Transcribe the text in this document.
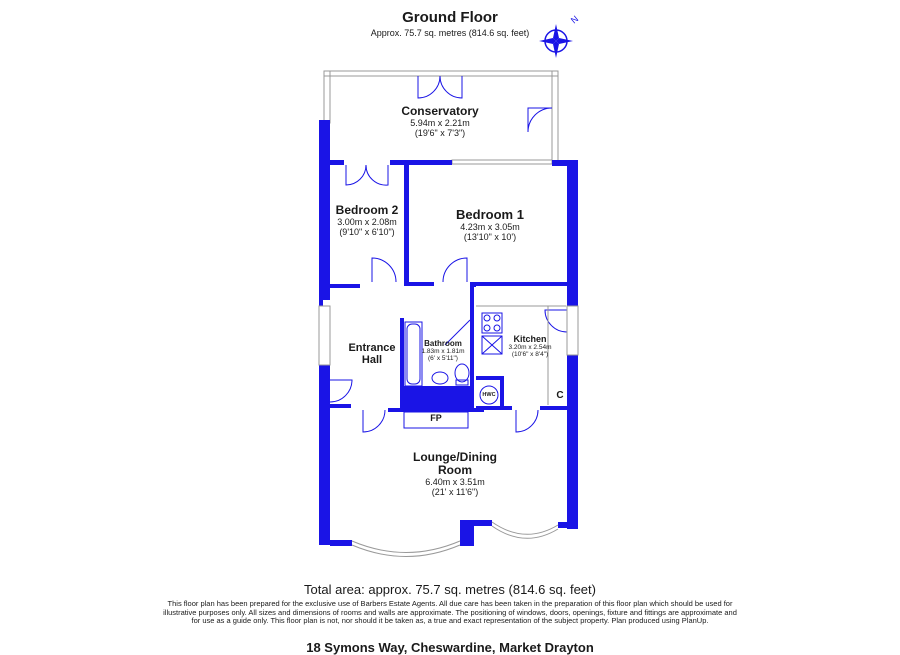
Ground Floor
Approx. 75.7 sq. metres (814.6 sq. feet)
N
Conservatory
5.94m x 2.21m
(19'6" x 7'3")
Bedroom 2
3.00m x 2.08m
(9'10" x 6'10")
Bedroom 1
4.23m x 3.05m
(13'10" x 10')
Entrance
Hall
Bathroom
1.83m x 1.81m
(6' x 5'11")
Kitchen
3.20m x 2.54m
(10'6" x 8'4")
Lounge/Dining
Room
6.40m x 3.51m
(21' x 11'6")
FP
HWC	C
Total area: approx. 75.7 sq. metres (814.6 sq. feet)
This floor plan has been prepared for the exclusive use of Barbers Estate Agents. All due care has been taken in the preparation of this floor plan which should be used for illustrative purposes only. All sizes and dimensions of rooms and walls are approximate. The positioning of windows, doors, openings, fixture and fittings are approximate and for use as a guide only. This floor plan is not, nor should it be taken as, a true and exact representation of the subject property. Plan produced using PlanUp.
18 Symons Way, Cheswardine, Market Drayton
